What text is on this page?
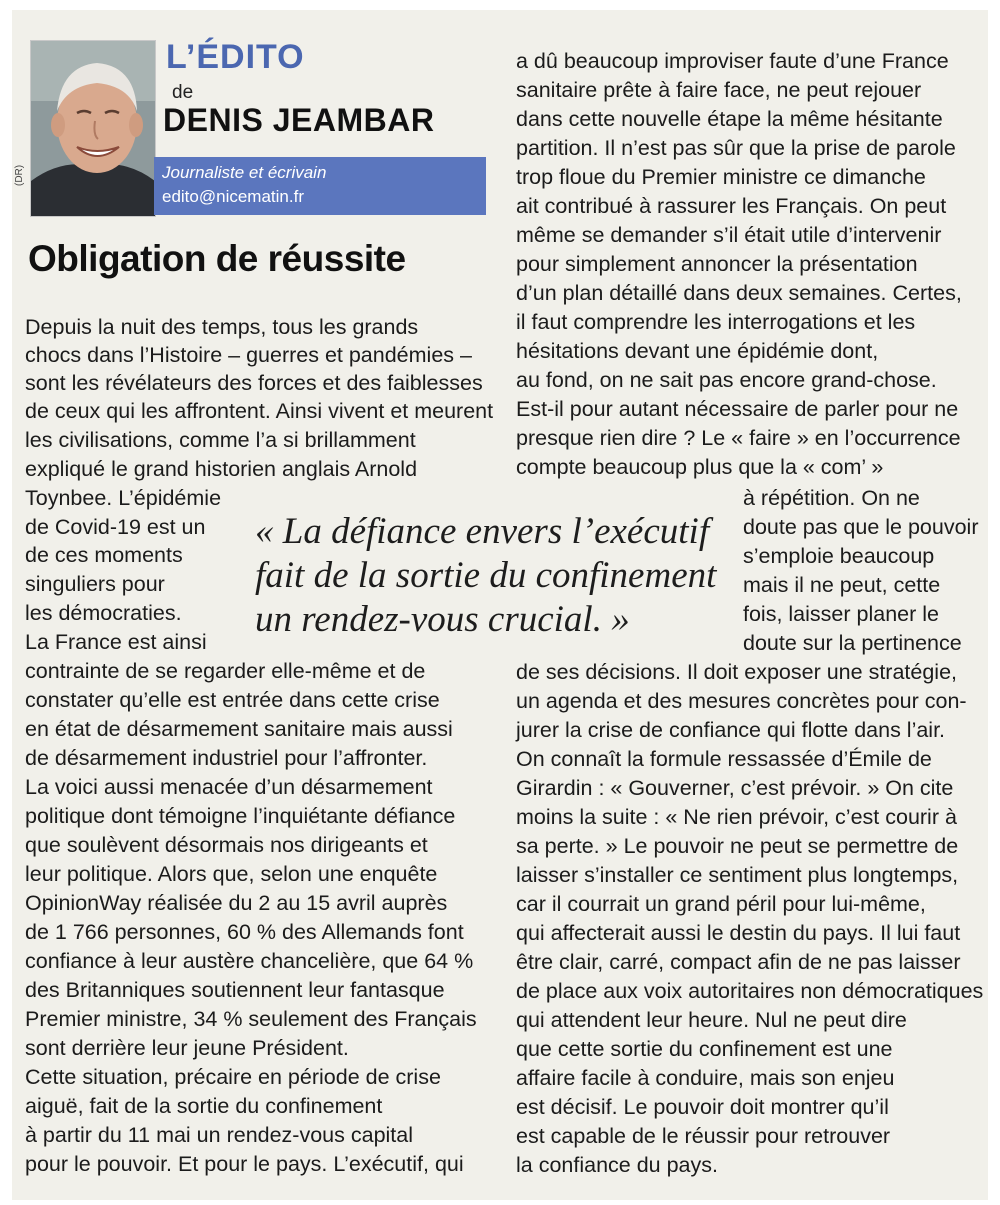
(DR)
L’ÉDITO
de
DENIS JEAMBAR
Journaliste et écrivain
edito@nicematin.fr
Obligation de réussite
« La défiance envers l’exécutif
fait de la sortie du confinement
un rendez-vous crucial. »
Depuis la nuit des temps, tous les grands
chocs dans l’Histoire – guerres et pandémies –
sont les révélateurs des forces et des faiblesses
de ceux qui les affrontent. Ainsi vivent et meurent
les civilisations, comme l’a si brillamment
expliqué le grand historien anglais Arnold
Toynbee. L’épidémie
de Covid-19 est un
de ces moments
singuliers pour
les démocraties.
La France est ainsi
contrainte de se regarder elle-même et de
constater qu’elle est entrée dans cette crise
en état de désarmement sanitaire mais aussi
de désarmement industriel pour l’affronter.
La voici aussi menacée d’un désarmement
politique dont témoigne l’inquiétante défiance
que soulèvent désormais nos dirigeants et
leur politique. Alors que, selon une enquête
OpinionWay réalisée du 2 au 15 avril auprès
de 1 766 personnes, 60 % des Allemands font
confiance à leur austère chancelière, que 64 %
des Britanniques soutiennent leur fantasque
Premier ministre, 34 % seulement des Français
sont derrière leur jeune Président.
Cette situation, précaire en période de crise
aiguë, fait de la sortie du confinement
à partir du 11 mai un rendez-vous capital
pour le pouvoir. Et pour le pays. L’exécutif, qui
a dû beaucoup improviser faute d’une France
sanitaire prête à faire face, ne peut rejouer
dans cette nouvelle étape la même hésitante
partition. Il n’est pas sûr que la prise de parole
trop floue du Premier ministre ce dimanche
ait contribué à rassurer les Français. On peut
même se demander s’il était utile d’intervenir
pour simplement annoncer la présentation
d’un plan détaillé dans deux semaines. Certes,
il faut comprendre les interrogations et les
hésitations devant une épidémie dont,
au fond, on ne sait pas encore grand-chose.
Est-il pour autant nécessaire de parler pour ne
presque rien dire ? Le « faire » en l’occurrence
compte beaucoup plus que la « com’ »
à répétition. On ne
doute pas que le pouvoir
s’emploie beaucoup
mais il ne peut, cette
fois, laisser planer le
doute sur la pertinence
de ses décisions. Il doit exposer une stratégie,
un agenda et des mesures concrètes pour con-
jurer la crise de confiance qui flotte dans l’air.
On connaît la formule ressassée d’Émile de
Girardin : « Gouverner, c’est prévoir. » On cite
moins la suite : « Ne rien prévoir, c’est courir à
sa perte. » Le pouvoir ne peut se permettre de
laisser s’installer ce sentiment plus longtemps,
car il courrait un grand péril pour lui-même,
qui affecterait aussi le destin du pays. Il lui faut
être clair, carré, compact afin de ne pas laisser
de place aux voix autoritaires non démocratiques
qui attendent leur heure. Nul ne peut dire
que cette sortie du confinement est une
affaire facile à conduire, mais son enjeu
est décisif. Le pouvoir doit montrer qu’il
est capable de le réussir pour retrouver
la confiance du pays.
